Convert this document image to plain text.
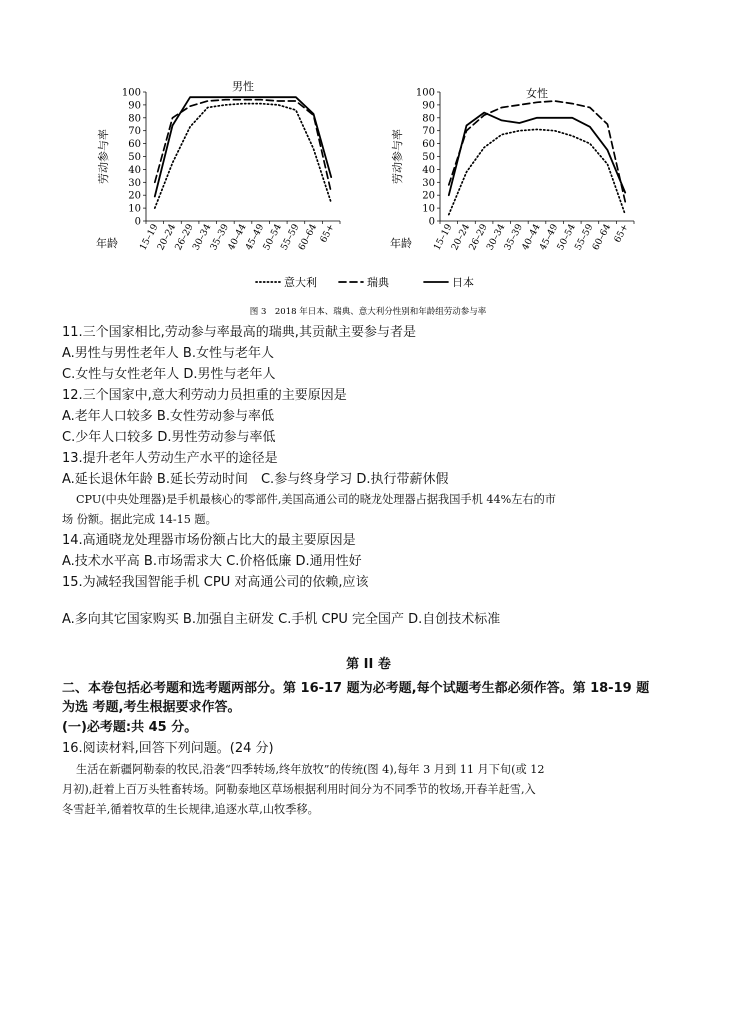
0
10
20
30
40
50
60
70
80
90
100
15–19
20–24
26–29
30–34
35–39
40–44
45–49
50–54
55–59
60–64
65+
男性
劳动参与率
年龄
0
10
20
30
40
50
60
70
80
90
100
15–19
20–24
26–29
30–34
35–39
40–44
45–49
50–54
55–59
60–64
65+
女性
劳动参与率
年龄
意大利	瑞典	日本
图 3　2018 年日本、瑞典、意大利分性别和年龄组劳动参与率
11.三个国家相比,劳动参与率最高的瑞典,其贡献主要参与者是
A.男性与男性老年人 B.女性与老年人
C.女性与女性老年人 D.男性与老年人
12.三个国家中,意大利劳动力员担重的主要原因是
A.老年人口较多 B.女性劳动参与率低
C.少年人口较多 D.男性劳动参与率低
13.提升老年人劳动生产水平的途径是
A.延长退休年龄 B.延长劳动时间　C.参与终身学习 D.执行带薪休假
CPU(中央处理器)是手机最核心的零部件,美国高通公司的晓龙处理器占据我国手机 44%左右的市
场 份额。据此完成 14-15 题。
14.高通晓龙处理器市场份额占比大的最主要原因是
A.技术水平高 B.市场需求大 C.价格低廉 D.通用性好
15.为减轻我国智能手机 CPU 对高通公司的依赖,应该
A.多向其它国家购买 B.加强自主研发 C.手机 CPU 完全国产 D.自创技术标准
第 II 卷
二、本卷包括必考题和选考题两部分。第 16-17 题为必考题,每个试题考生都必须作答。第 18-19 题
为选 考题,考生根据要求作答。
(一)必考题:共 45 分。
16.阅读材料,回答下列问题。(24 分)
生活在新疆阿勒泰的牧民,沿袭“四季转场,终年放牧”的传统(图 4),每年 3 月到 11 月下旬(或 12
月初),赶着上百万头牲畜转场。阿勒泰地区草场根据利用时间分为不同季节的牧场,开春羊赶雪,入
冬雪赶羊,循着牧草的生长规律,追逐水草,山牧季移。
